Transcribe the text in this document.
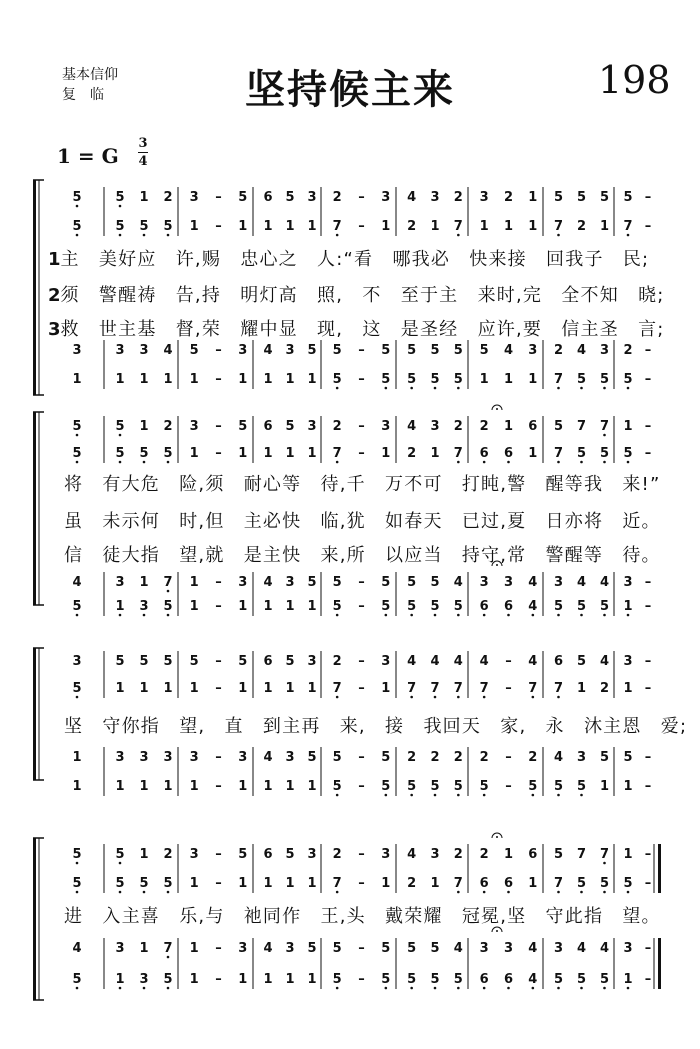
基本信仰
复　临	坚持候主来	198
1 = G
3
4
5	5 1 2 3 – 5 6 5 3 2 – 3 4 3 2 3 2 1 5 5 5 5 –
5	5 5 5 1 – 1 1 1 1 7 – 1 2 1 7 1 1 1 7 2 1 7 –
3	3 3 4 5 – 3 4 3 5 5 – 5 5 5 5 5 4 3 2 4 3 2 –
1	1 1 1 1 – 1 1 1 1 5 – 5 5 5 5 1 1 1 7 5 5 5 –
5	5 1 2 3 – 5 6 5 3 2 – 3 4 3 2 2 1 6 5 7 7 1 –
5	5 5 5 1 – 1 1 1 1 7 – 1 2 1 7 6 6 1 7 5 5 5 –
4	3 1 7 1 – 3 4 3 5 5 – 5 5 5 4 3 3 4 3 4 4 3 –
5	1 3 5 1 – 1 1 1 1 5 – 5 5 5 5 6 6 4 5 5 5 1 –
3	5 5 5 5 – 5 6 5 3 2 – 3 4 4 4 4 – 4 6 5 4 3 –
5	1 1 1 1 – 1 1 1 1 7 – 1 7 7 7 7 – 7 7 1 2 1 –
1	3 3 3 3 – 3 4 3 5 5 – 5 2 2 2 2 – 2 4 3 5 5 –
1	1 1 1 1 – 1 1 1 1 5 – 5 5 5 5 5 – 5 5 5 1 1 –
5	5 1 2 3 – 5 6 5 3 2 – 3 4 3 2 2 1 6 5 7 7 1 –
5	5 5 5 1 – 1 1 1 1 7 – 1 2 1 7 6 6 1 7 5 5 5 –
4	3 1 7 1 – 3 4 3 5 5 – 5 5 5 4 3 3 4 3 4 4 3 –
5	1 3 5 1 – 1 1 1 1 5 – 5 5 5 5 6 6 4 5 5 5 1 –
1主　美好应　许,赐　忠心之　人:“看　哪我必　快来接　回我子　民;
2须　警醒祷　告,持　明灯高　照,　不　至于主　来时,完　全不知　晓;
3救　世主基　督,荣　耀中显　现,　这　是圣经　应许,要　信主圣　言;
将　有大危　险,须　耐心等　待,千　万不可　打盹,警　醒等我　来!”
虽　未示何　时,但　主必快　临,犹　如春天　已过,夏　日亦将　近。
信　徒大指　望,就　是主快　来,所　以应当　持守,常　警醒等　待。
坚　守你指　望,　直　到主再　来,　接　我回天　家,　永　沐主恩　爱;
进　入主喜　乐,与　祂同作　王,头　戴荣耀　冠冕,坚　守此指　望。
